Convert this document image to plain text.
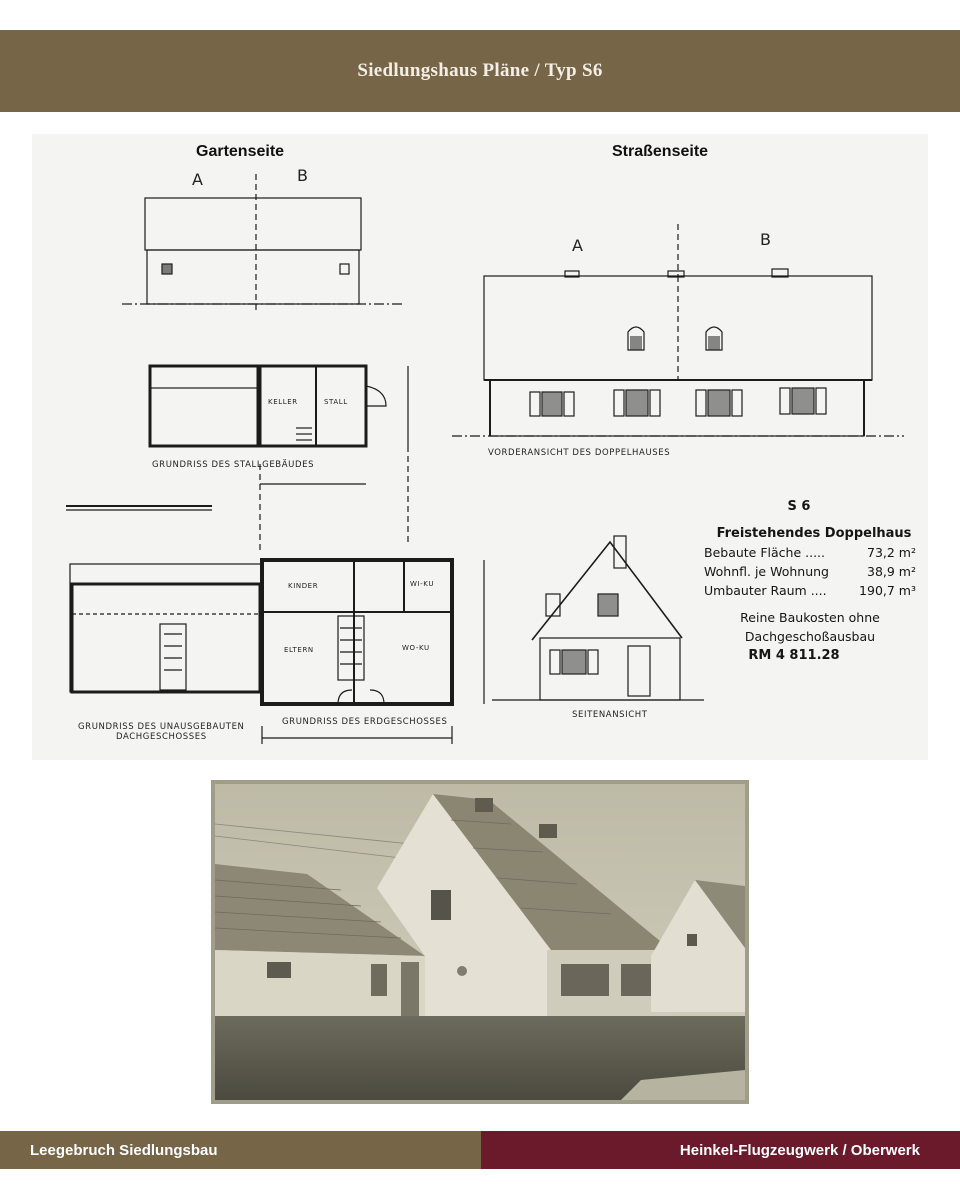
Siedlungshaus Pläne / Typ S6
Gartenseite	Straßenseite
A	B
A	B
GRUNDRISS DES STALLGEBÄUDES
VORDERANSICHT DES DOPPELHAUSES
GRUNDRISS DES UNAUSGEBAUTEN
DACHGESCHOSSES
GRUNDRISS DES ERDGESCHOSSES
SEITENANSICHT
KELLER	STALL
KINDER	WI-KU
ELTERN	WO-KU
S 6
Freistehendes Doppelhaus
Bebaute Fläche .....	73,2 m²
Wohnfl. je Wohnung	38,9 m²
Umbauter Raum ....	190,7 m³
Reine Baukosten ohne
Dachgeschoßausbau
RM 4 811.28
Leegebruch Siedlungsbau	Heinkel-Flugzeugwerk / Oberwerk
